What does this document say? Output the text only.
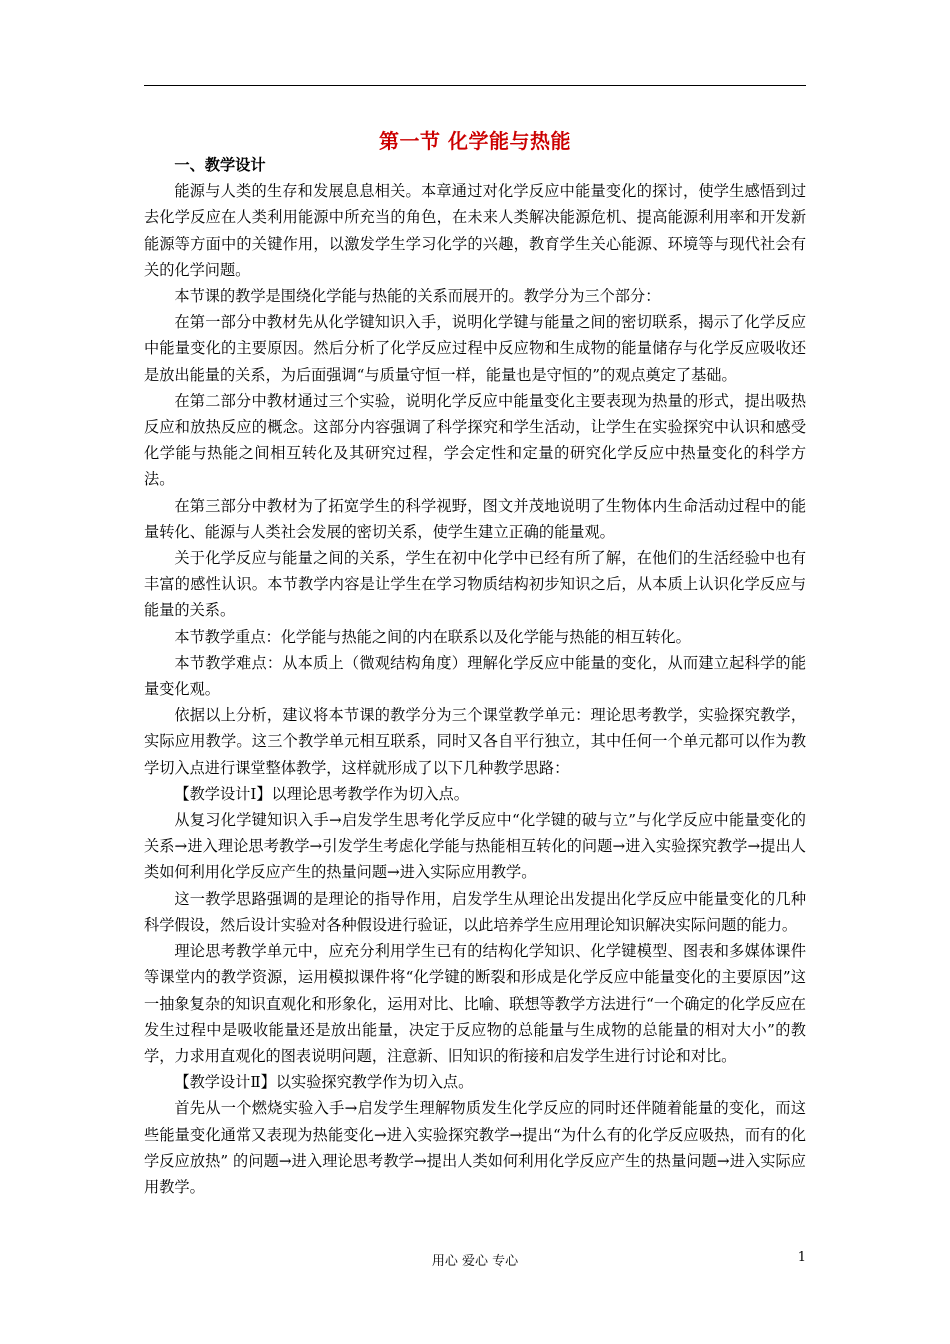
第一节 化学能与热能

一、教学设计

能源与人类的生存和发展息息相关。本章通过对化学反应中能量变化的探讨，使学生感悟到过去化学反应在人类利用能源中所充当的角色，在未来人类解决能源危机、提高能源利用率和开发新能源等方面中的关键作用，以激发学生学习化学的兴趣，教育学生关心能源、环境等与现代社会有关的化学问题。

本节课的教学是围绕化学能与热能的关系而展开的。教学分为三个部分：

在第一部分中教材先从化学键知识入手，说明化学键与能量之间的密切联系，揭示了化学反应中能量变化的主要原因。然后分析了化学反应过程中反应物和生成物的能量储存与化学反应吸收还是放出能量的关系，为后面强调“与质量守恒一样，能量也是守恒的”的观点奠定了基础。

在第二部分中教材通过三个实验，说明化学反应中能量变化主要表现为热量的形式，提出吸热反应和放热反应的概念。这部分内容强调了科学探究和学生活动，让学生在实验探究中认识和感受化学能与热能之间相互转化及其研究过程，学会定性和定量的研究化学反应中热量变化的科学方法。

在第三部分中教材为了拓宽学生的科学视野，图文并茂地说明了生物体内生命活动过程中的能量转化、能源与人类社会发展的密切关系，使学生建立正确的能量观。

关于化学反应与能量之间的关系，学生在初中化学中已经有所了解，在他们的生活经验中也有丰富的感性认识。本节教学内容是让学生在学习物质结构初步知识之后，从本质上认识化学反应与能量的关系。

本节教学重点：化学能与热能之间的内在联系以及化学能与热能的相互转化。

本节教学难点：从本质上（微观结构角度）理解化学反应中能量的变化，从而建立起科学的能量变化观。

依据以上分析，建议将本节课的教学分为三个课堂教学单元：理论思考教学，实验探究教学，实际应用教学。这三个教学单元相互联系，同时又各自平行独立，其中任何一个单元都可以作为教学切入点进行课堂整体教学，这样就形成了以下几种教学思路：

【教学设计Ⅰ】以理论思考教学作为切入点。

从复习化学键知识入手→启发学生思考化学反应中“化学键的破与立”与化学反应中能量变化的关系→进入理论思考教学→引发学生考虑化学能与热能相互转化的问题→进入实验探究教学→提出人类如何利用化学反应产生的热量问题→进入实际应用教学。

这一教学思路强调的是理论的指导作用，启发学生从理论出发提出化学反应中能量变化的几种科学假设，然后设计实验对各种假设进行验证，以此培养学生应用理论知识解决实际问题的能力。

理论思考教学单元中，应充分利用学生已有的结构化学知识、化学键模型、图表和多媒体课件等课堂内的教学资源，运用模拟课件将“化学键的断裂和形成是化学反应中能量变化的主要原因”这一抽象复杂的知识直观化和形象化，运用对比、比喻、联想等教学方法进行“一个确定的化学反应在发生过程中是吸收能量还是放出能量，决定于反应物的总能量与生成物的总能量的相对大小”的教学，力求用直观化的图表说明问题，注意新、旧知识的衔接和启发学生进行讨论和对比。

【教学设计Ⅱ】以实验探究教学作为切入点。

首先从一个燃烧实验入手→启发学生理解物质发生化学反应的同时还伴随着能量的变化，而这些能量变化通常又表现为热能变化→进入实验探究教学→提出“为什么有的化学反应吸热，而有的化学反应放热” 的问题→进入理论思考教学→提出人类如何利用化学反应产生的热量问题→进入实际应用教学。

用心 爱心 专心	1
